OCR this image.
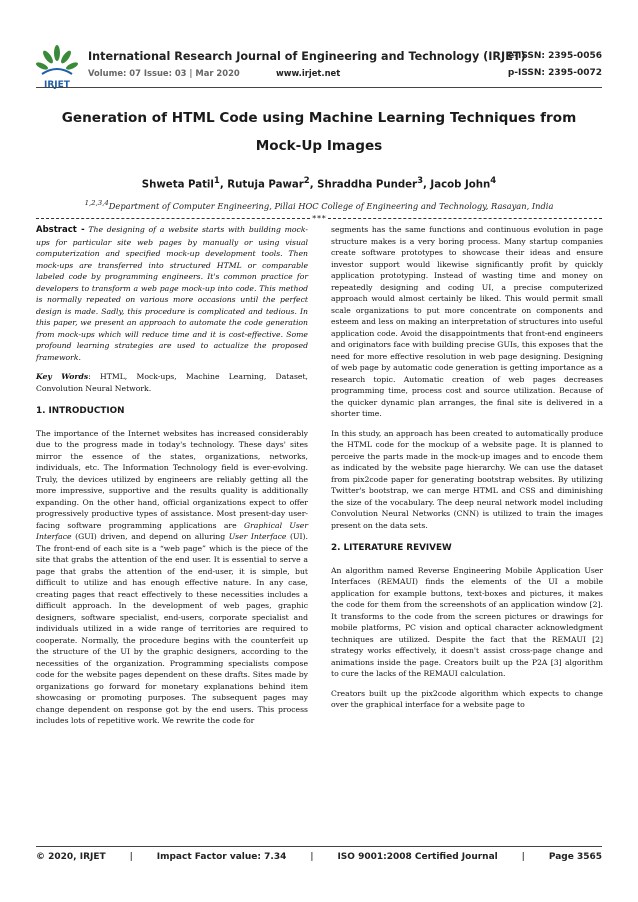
IRJET
International Research Journal of Engineering and Technology (IRJET)
e-ISSN: 2395-0056
Volume: 07 Issue: 03 | Mar 2020	www.irjet.net	p-ISSN: 2395-0072
Generation of HTML Code using Machine Learning Techniques from
Mock-Up Images
Shweta Patil$^1$, Rutuja Pawar$^2$, Shraddha Punder$^3$, Jacob John$^4$
$^{1,2,3,4}$Department of Computer Engineering, Pillai HOC College of Engineering and Technology, Rasayan, India
***

Abstract - The designing of a website starts with building mock-ups for particular site web pages by manually or using visual computerization and specified mock-up development tools. Then mock-ups are transferred into structured HTML or comparable labeled code by programming engineers. It's common practice for developers to transform a web page mock-up into code. This method is normally repeated on various more occasions until the perfect design is made. Sadly, this procedure is complicated and tedious. In this paper, we present an approach to automate the code generation from mock-ups which will reduce time and it is cost-effective. Some profound learning strategies are used to actualize the proposed framework.

Key Words: HTML, Mock-ups, Machine Learning, Dataset, Convolution Neural Network.

1. INTRODUCTION

The importance of the Internet websites has increased considerably due to the progress made in today's technology. These days' sites mirror the essence of the states, organizations, networks, individuals, etc. The Information Technology field is ever-evolving. Truly, the devices utilized by engineers are reliably getting all the more impressive, supportive and the results quality is additionally expanding. On the other hand, official organizations expect to offer progressively productive types of assistance. Most present-day user-facing software programming applications are Graphical User Interface (GUI) driven, and depend on alluring User Interface (UI). The front-end of each site is a “web page” which is the piece of the site that grabs the attention of the end user. It is essential to serve a page that grabs the attention of the end-user, it is simple, but difficult to utilize and has enough effective nature. In any case, creating pages that react effectively to these necessities includes a difficult approach. In the development of web pages, graphic designers, software specialist, end-users, corporate specialist and individuals utilized in a wide range of territories are required to cooperate. Normally, the procedure begins with the counterfeit up the structure of the UI by the graphic designers, according to the necessities of the organization. Programming specialists compose code for the website pages dependent on these drafts. Sites made by organizations go forward for monetary explanations behind item showcasing or promoting purposes. The subsequent pages may change dependent on response got by the end users. This process includes lots of repetitive work. We rewrite the code for

segments has the same functions and continuous evolution in page structure makes is a very boring process. Many startup companies create software prototypes to showcase their ideas and ensure investor support would likewise significantly profit by quickly application prototyping. Instead of wasting time and money on repeatedly designing and coding UI, a precise computerized approach would almost certainly be liked. This would permit small scale organizations to put more concentrate on components and esteem and less on making an interpretation of structures into useful application code. Avoid the disappointments that front-end engineers and originators face with building precise GUIs, this exposes that the need for more effective resolution in web page designing. Designing of web page by automatic code generation is getting importance as a research topic. Automatic creation of web pages decreases programming time, process cost and source utilization. Because of the quicker dynamic plan arranges, the final site is delivered in a shorter time.

In this study, an approach has been created to automatically produce the HTML code for the mockup of a website page. It is planned to perceive the parts made in the mock-up images and to encode them as indicated by the website page hierarchy. We can use the dataset from pix2code paper for generating bootstrap websites. By utilizing Twitter's bootstrap, we can merge HTML and CSS and diminishing the size of the vocabulary. The deep neural network model including Convolution Neural Networks (CNN) is utilized to train the images present on the data sets.

2. LITERATURE REVIVEW

An algorithm named Reverse Engineering Mobile Application User Interfaces (REMAUI) finds the elements of the UI a mobile application for example buttons, text-boxes and pictures, it makes the code for them from the screenshots of an application window [2]. It transforms to the code from the screen pictures or drawings for mobile platforms, PC vision and optical character acknowledgment techniques are utilized. Despite the fact that the REMAUI [2] strategy works effectively, it doesn't assist cross-page change and animations inside the page. Creators built up the P2A [3] algorithm to cure the lacks of the REMAUI calculation.

Creators built up the pix2code algorithm which expects to change over the graphical interface for a website page to

© 2020, IRJET	|	Impact Factor value: 7.34	|	ISO 9001:2008 Certified Journal	|	Page 3565
